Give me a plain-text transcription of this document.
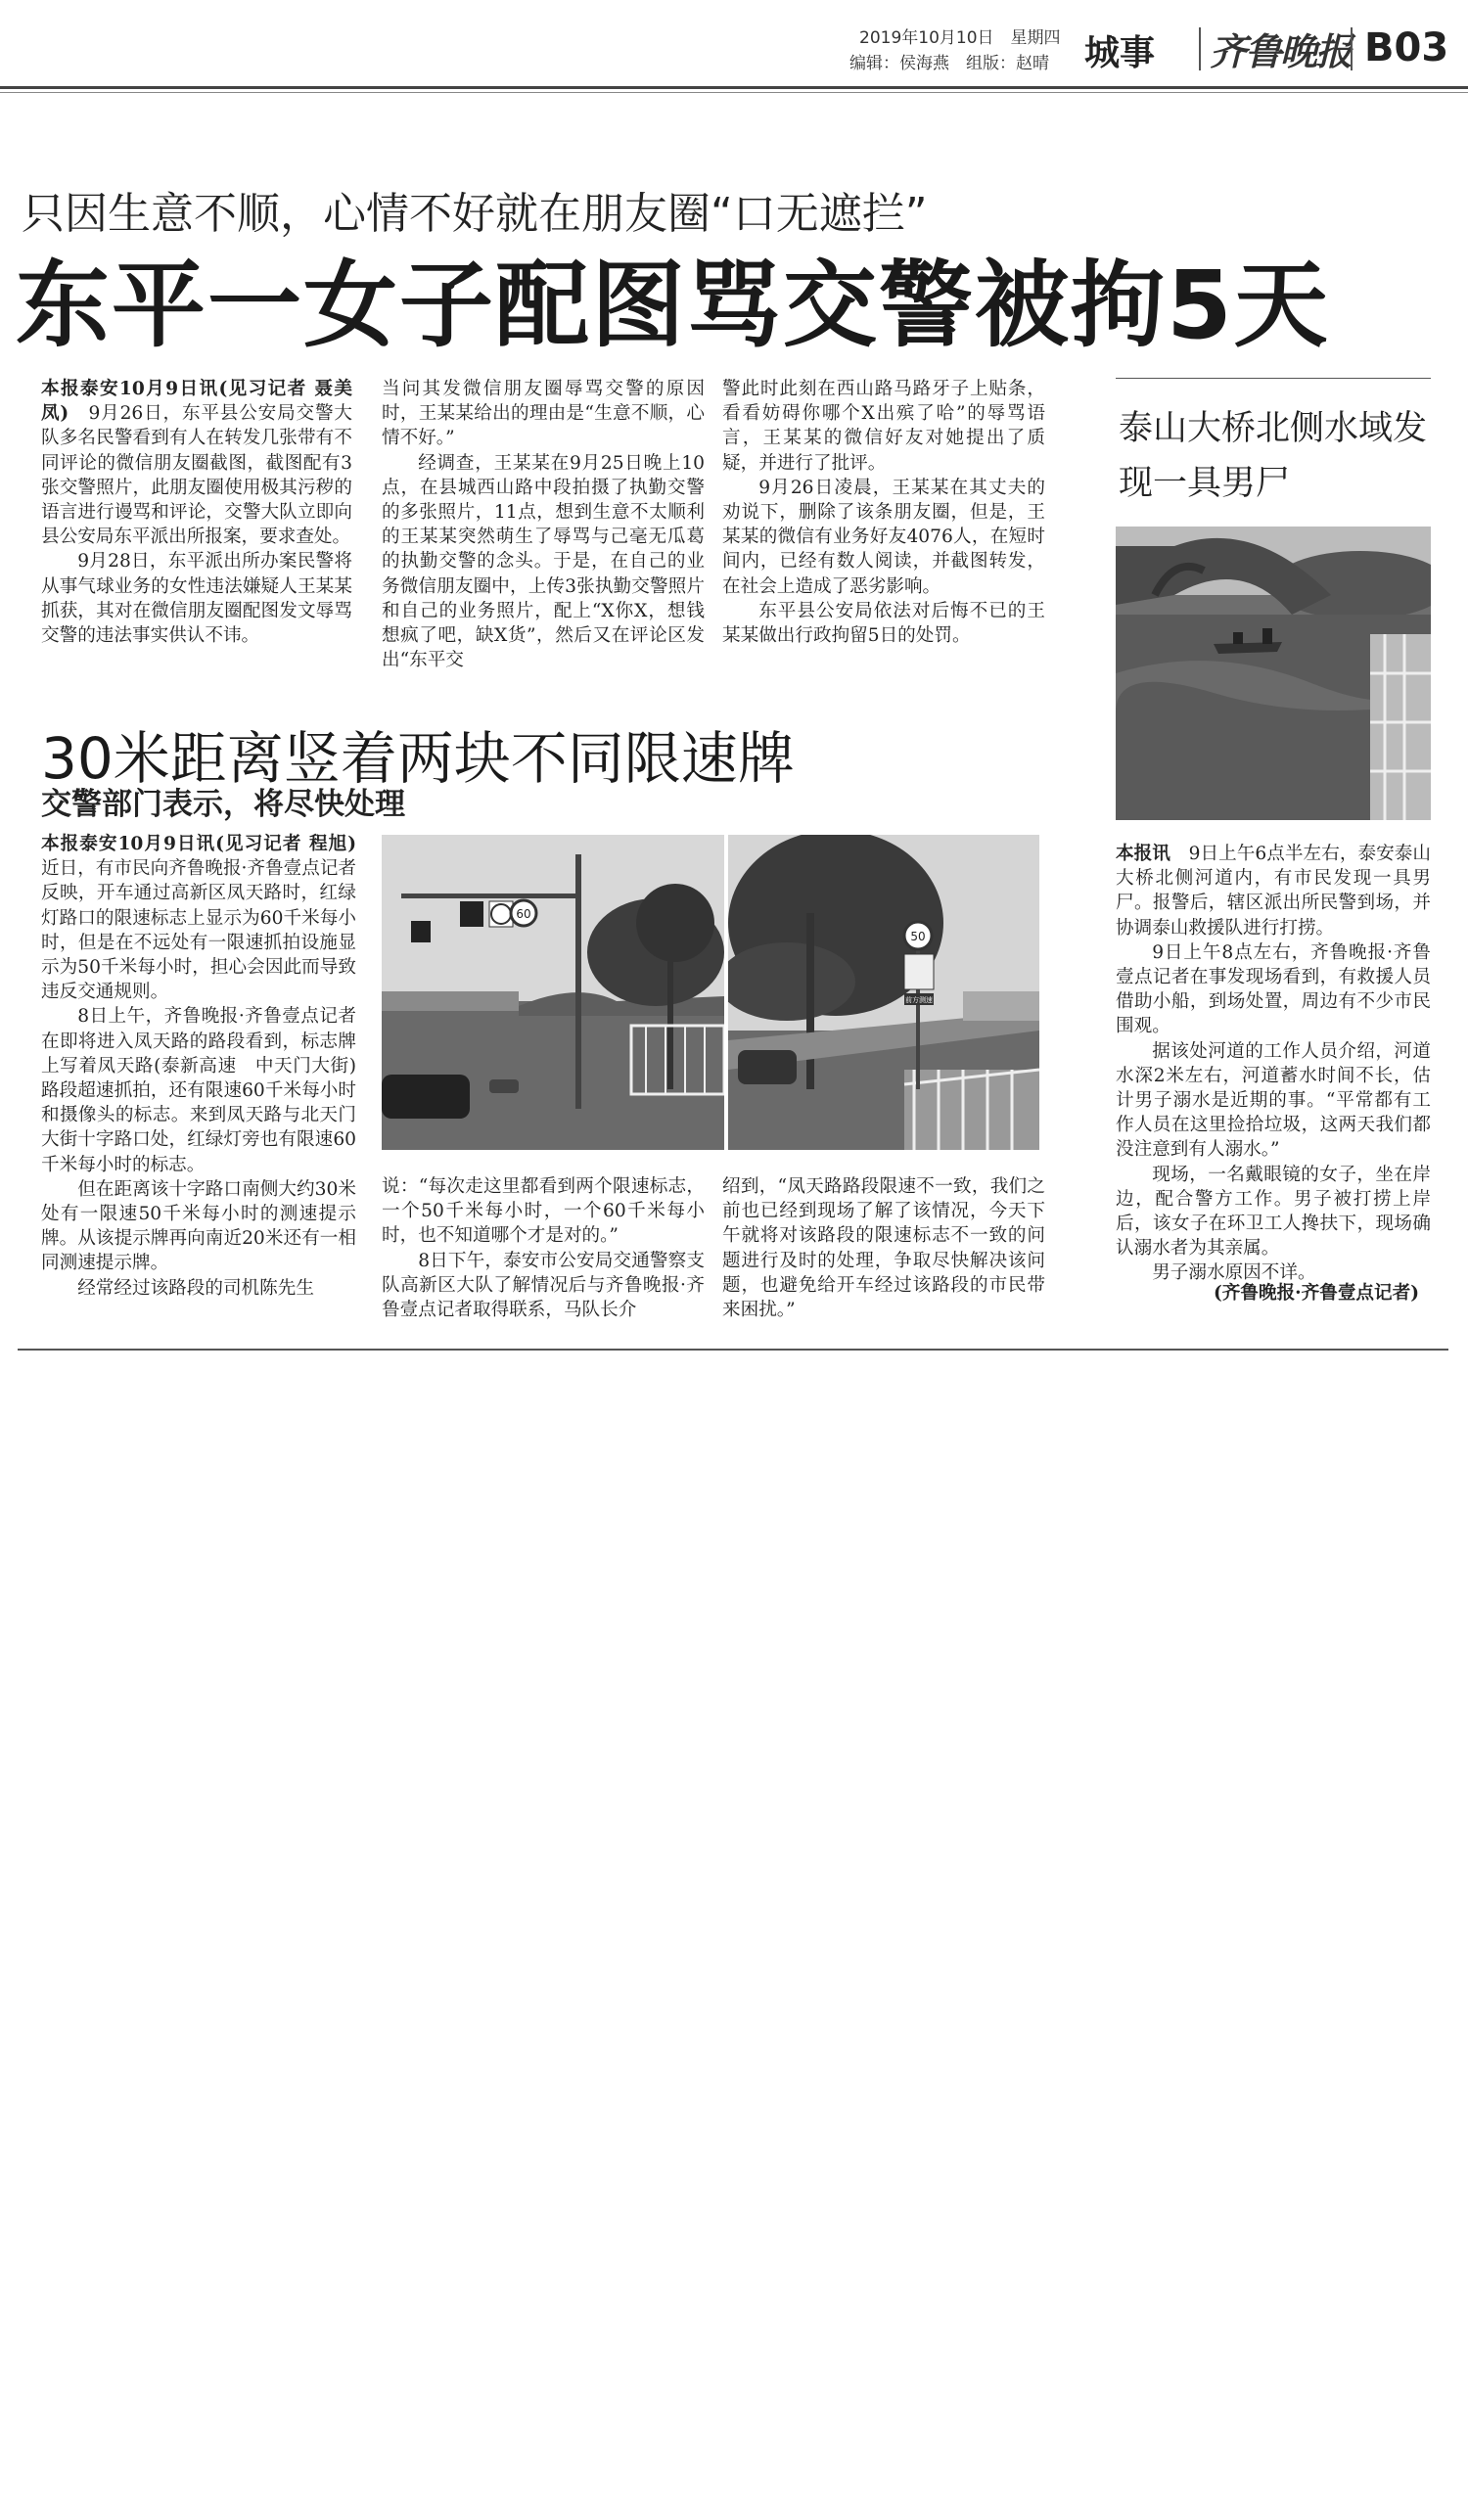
2019年10月10日　星期四
编辑：侯海燕　组版：赵晴 城事 齐鲁晚报 B03
只因生意不顺，心情不好就在朋友圈“口无遮拦”
东平一女子配图骂交警被拘5天

本报泰安10月9日讯(见习记者 聂美凤)　 9月26日，东平县公安局交警大队多名民警看到有人在转发几张带有不同评论的微信朋友圈截图，截图配有3张交警照片，此朋友圈使用极其污秽的语言进行谩骂和评论，交警大队立即向县公安局东平派出所报案，要求查处。

9月28日，东平派出所办案民警将从事气球业务的女性违法嫌疑人王某某抓获，其对在微信朋友圈配图发文辱骂交警的违法事实供认不讳。

当问其发微信朋友圈辱骂交警的原因时，王某某给出的理由是“生意不顺，心情不好。”

经调查，王某某在9月25日晚上10点，在县城西山路中段拍摄了执勤交警的多张照片，11点，想到生意不太顺利的王某某突然萌生了辱骂与己毫无瓜葛的执勤交警的念头。于是，在自己的业务微信朋友圈中，上传3张执勤交警照片和自己的业务照片，配上“X你X，想钱想疯了吧，缺X货”，然后又在评论区发出“东平交

警此时此刻在西山路马路牙子上贴条，看看妨碍你哪个X出殡了哈”的辱骂语言，王某某的微信好友对她提出了质疑，并进行了批评。

9月26日凌晨，王某某在其丈夫的劝说下，删除了该条朋友圈，但是，王某某的微信有业务好友4076人，在短时间内，已经有数人阅读，并截图转发，在社会上造成了恶劣影响。

东平县公安局依法对后悔不已的王某某做出行政拘留5日的处罚。

30米距离竖着两块不同限速牌
交警部门表示，将尽快处理

本报泰安10月9日讯(见习记者 程旭)　近日，有市民向齐鲁晚报·齐鲁壹点记者反映，开车通过高新区凤天路时，红绿灯路口的限速标志上显示为60千米每小时，但是在不远处有一限速抓拍设施显示为50千米每小时，担心会因此而导致违反交通规则。

8日上午，齐鲁晚报·齐鲁壹点记者在即将进入凤天路的路段看到，标志牌上写着凤天路(泰新高速　中天门大街)路段超速抓拍，还有限速60千米每小时和摄像头的标志。来到凤天路与北天门大街十字路口处，红绿灯旁也有限速60千米每小时的标志。

但在距离该十字路口南侧大约30米处有一限速50千米每小时的测速提示牌。从该提示牌再向南近20米还有一相同测速提示牌。

经常经过该路段的司机陈先生

60
50
前方测速

说：“每次走这里都看到两个限速标志，一个50千米每小时，一个60千米每小时，也不知道哪个才是对的。”

8日下午，泰安市公安局交通警察支队高新区大队了解情况后与齐鲁晚报·齐鲁壹点记者取得联系，马队长介

绍到，“凤天路路段限速不一致，我们之前也已经到现场了解了该情况，今天下午就将对该路段的限速标志不一致的问题进行及时的处理，争取尽快解决该问题，也避免给开车经过该路段的市民带来困扰。”

泰山大桥北侧水域发现一具男尸

本报讯　 9日上午6点半左右，泰安泰山大桥北侧河道内，有市民发现一具男尸。报警后，辖区派出所民警到场，并协调泰山救援队进行打捞。

9日上午8点左右，齐鲁晚报·齐鲁壹点记者在事发现场看到，有救援人员借助小船，到场处置，周边有不少市民围观。

据该处河道的工作人员介绍，河道水深2米左右，河道蓄水时间不长，估计男子溺水是近期的事。“平常都有工作人员在这里捡拾垃圾，这两天我们都没注意到有人溺水。”

现场，一名戴眼镜的女子，坐在岸边，配合警方工作。男子被打捞上岸后，该女子在环卫工人搀扶下，现场确认溺水者为其亲属。

男子溺水原因不详。

(齐鲁晚报·齐鲁壹点记者)
